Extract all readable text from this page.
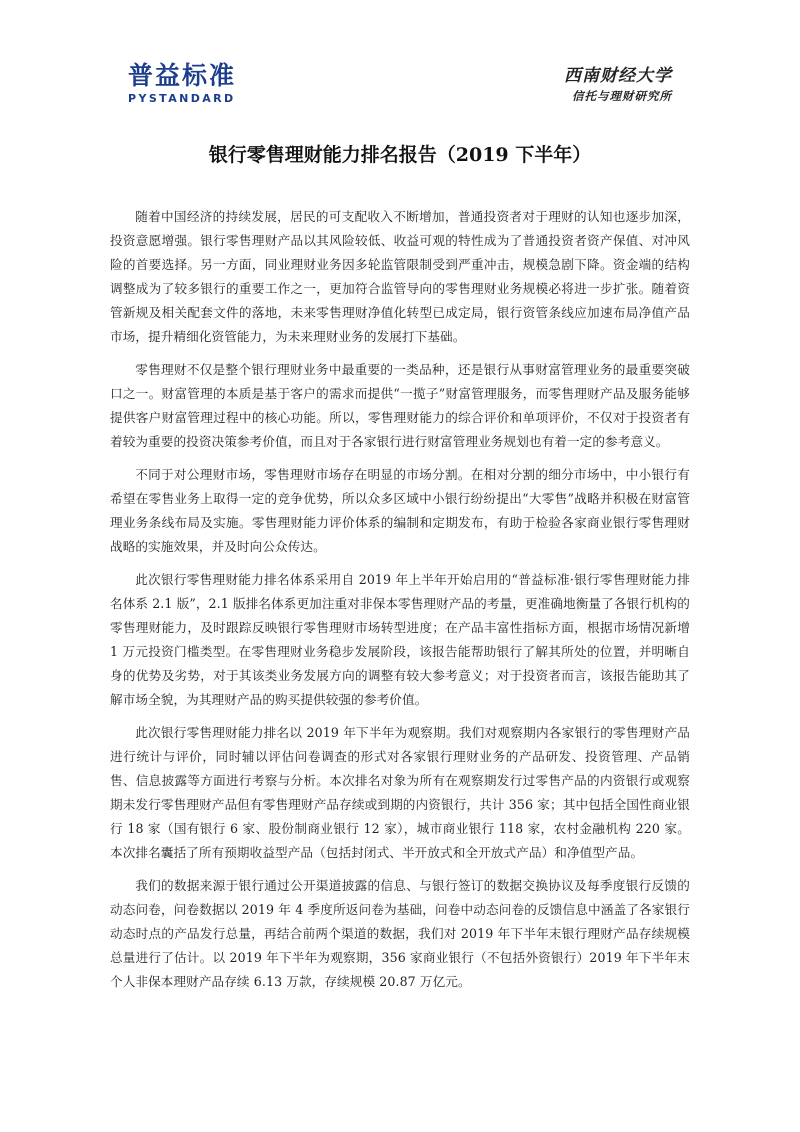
普益标准
PYSTANDARD
西南财经大学
信托与理财研究所
银行零售理财能力排名报告（2019 下半年）

随着中国经济的持续发展，居民的可支配收入不断增加，普通投资者对于理财的认知也逐步加深，投资意愿增强。银行零售理财产品以其风险较低、收益可观的特性成为了普通投资者资产保值、对冲风险的首要选择。另一方面，同业理财业务因多轮监管限制受到严重冲击，规模急剧下降。资金端的结构调整成为了较多银行的重要工作之一，更加符合监管导向的零售理财业务规模必将进一步扩张。随着资管新规及相关配套文件的落地，未来零售理财净值化转型已成定局，银行资管条线应加速布局净值产品市场，提升精细化资管能力，为未来理财业务的发展打下基础。

零售理财不仅是整个银行理财业务中最重要的一类品种，还是银行从事财富管理业务的最重要突破口之一。财富管理的本质是基于客户的需求而提供“一揽子”财富管理服务，而零售理财产品及服务能够提供客户财富管理过程中的核心功能。所以，零售理财能力的综合评价和单项评价，不仅对于投资者有着较为重要的投资决策参考价值，而且对于各家银行进行财富管理业务规划也有着一定的参考意义。

不同于对公理财市场，零售理财市场存在明显的市场分割。在相对分割的细分市场中，中小银行有希望在零售业务上取得一定的竞争优势，所以众多区域中小银行纷纷提出“大零售”战略并积极在财富管理业务条线布局及实施。零售理财能力评价体系的编制和定期发布，有助于检验各家商业银行零售理财战略的实施效果，并及时向公众传达。

此次银行零售理财能力排名体系采用自 2019 年上半年开始启用的“普益标准·银行零售理财能力排名体系 2.1 版”，2.1 版排名体系更加注重对非保本零售理财产品的考量，更准确地衡量了各银行机构的零售理财能力，及时跟踪反映银行零售理财市场转型进度；在产品丰富性指标方面，根据市场情况新增 1 万元投资门槛类型。在零售理财业务稳步发展阶段，该报告能帮助银行了解其所处的位置，并明晰自身的优势及劣势，对于其该类业务发展方向的调整有较大参考意义；对于投资者而言，该报告能助其了解市场全貌，为其理财产品的购买提供较强的参考价值。

此次银行零售理财能力排名以 2019 年下半年为观察期。我们对观察期内各家银行的零售理财产品进行统计与评价，同时辅以评估问卷调查的形式对各家银行理财业务的产品研发、投资管理、产品销售、信息披露等方面进行考察与分析。本次排名对象为所有在观察期发行过零售产品的内资银行或观察期未发行零售理财产品但有零售理财产品存续或到期的内资银行，共计 356 家；其中包括全国性商业银行 18 家（国有银行 6 家、股份制商业银行 12 家），城市商业银行 118 家，农村金融机构 220 家。本次排名囊括了所有预期收益型产品（包括封闭式、半开放式和全开放式产品）和净值型产品。

我们的数据来源于银行通过公开渠道披露的信息、与银行签订的数据交换协议及每季度银行反馈的动态问卷，问卷数据以 2019 年 4 季度所返问卷为基础，问卷中动态问卷的反馈信息中涵盖了各家银行动态时点的产品发行总量，再结合前两个渠道的数据，我们对 2019 年下半年末银行理财产品存续规模总量进行了估计。以 2019 年下半年为观察期，356 家商业银行（不包括外资银行）2019 年下半年末个人非保本理财产品存续 6.13 万款，存续规模 20.87 万亿元。
